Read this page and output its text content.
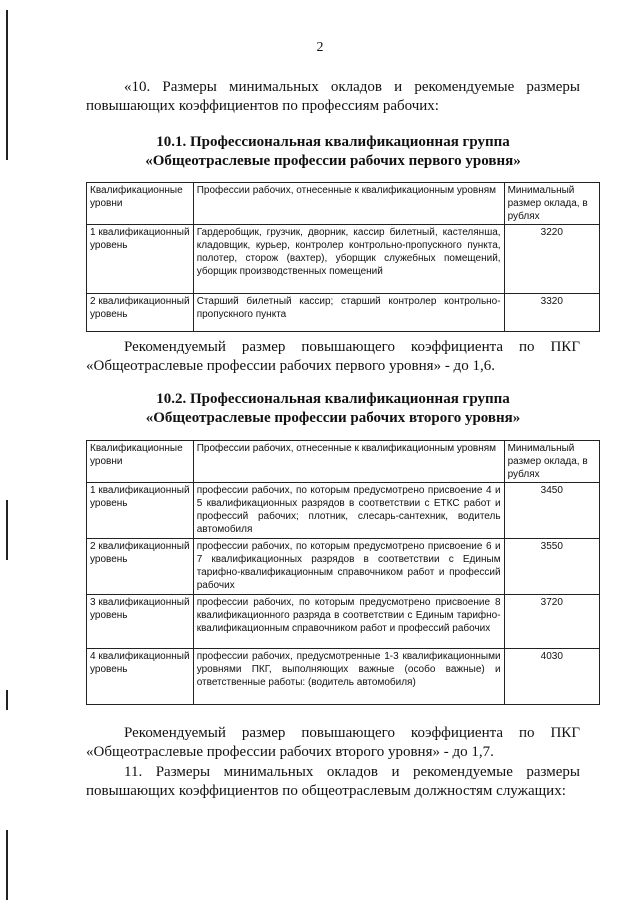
2

«10. Размеры минимальных окладов и рекомендуемые размеры повышающих коэффициентов по профессиям рабочих:

10.1. Профессиональная квалификационная группа
«Общеотраслевые профессии рабочих первого уровня»
Квалификационные уровни	Профессии рабочих, отнесенные к квалификационным уровням	Минимальный размер оклада, в рублях
1 квалификационный уровень	Гардеробщик, грузчик, дворник, кассир билетный, кастелянша, кладовщик, курьер, контролер контрольно-пропускного пункта, полотер, сторож (вахтер), уборщик служебных помещений, уборщик производственных помещений	3220
2 квалификационный уровень	Старший билетный кассир; старший контролер контрольно- пропускного пункта	3320

Рекомендуемый размер повышающего коэффициента по ПКГ «Общеотраслевые профессии рабочих первого уровня» - до 1,6.

10.2. Профессиональная квалификационная группа
«Общеотраслевые профессии рабочих второго уровня»
Квалификационные уровни	Профессии рабочих, отнесенные к квалификационным уровням	Минимальный размер оклада, в рублях
1 квалификационный уровень	профессии рабочих, по которым предусмотрено присвоение 4 и 5 квалификационных разрядов в соответствии с ЕТКС работ и профессий рабочих; плотник, слесарь-сантехник, водитель автомобиля	3450
2 квалификационный уровень	профессии рабочих, по которым предусмотрено присвоение 6 и 7 квалификационных разрядов в соответствии с Единым тарифно-квалификационным справочником работ и профессий рабочих	3550
3 квалификационный уровень	профессии рабочих, по которым предусмотрено присвоение 8 квалификационного разряда в соответствии с Единым тарифно-квалификационным справочником работ и профессий рабочих	3720
4 квалификационный уровень	профессии рабочих, предусмотренные 1-3 квалификационными уровнями ПКГ, выполняющих важные (особо важные) и ответственные работы: (водитель автомобиля)	4030

Рекомендуемый размер повышающего коэффициента по ПКГ «Общеотраслевые профессии рабочих второго уровня» - до 1,7.

11. Размеры минимальных окладов и рекомендуемые размеры повышающих коэффициентов по общеотраслевым должностям служащих:
